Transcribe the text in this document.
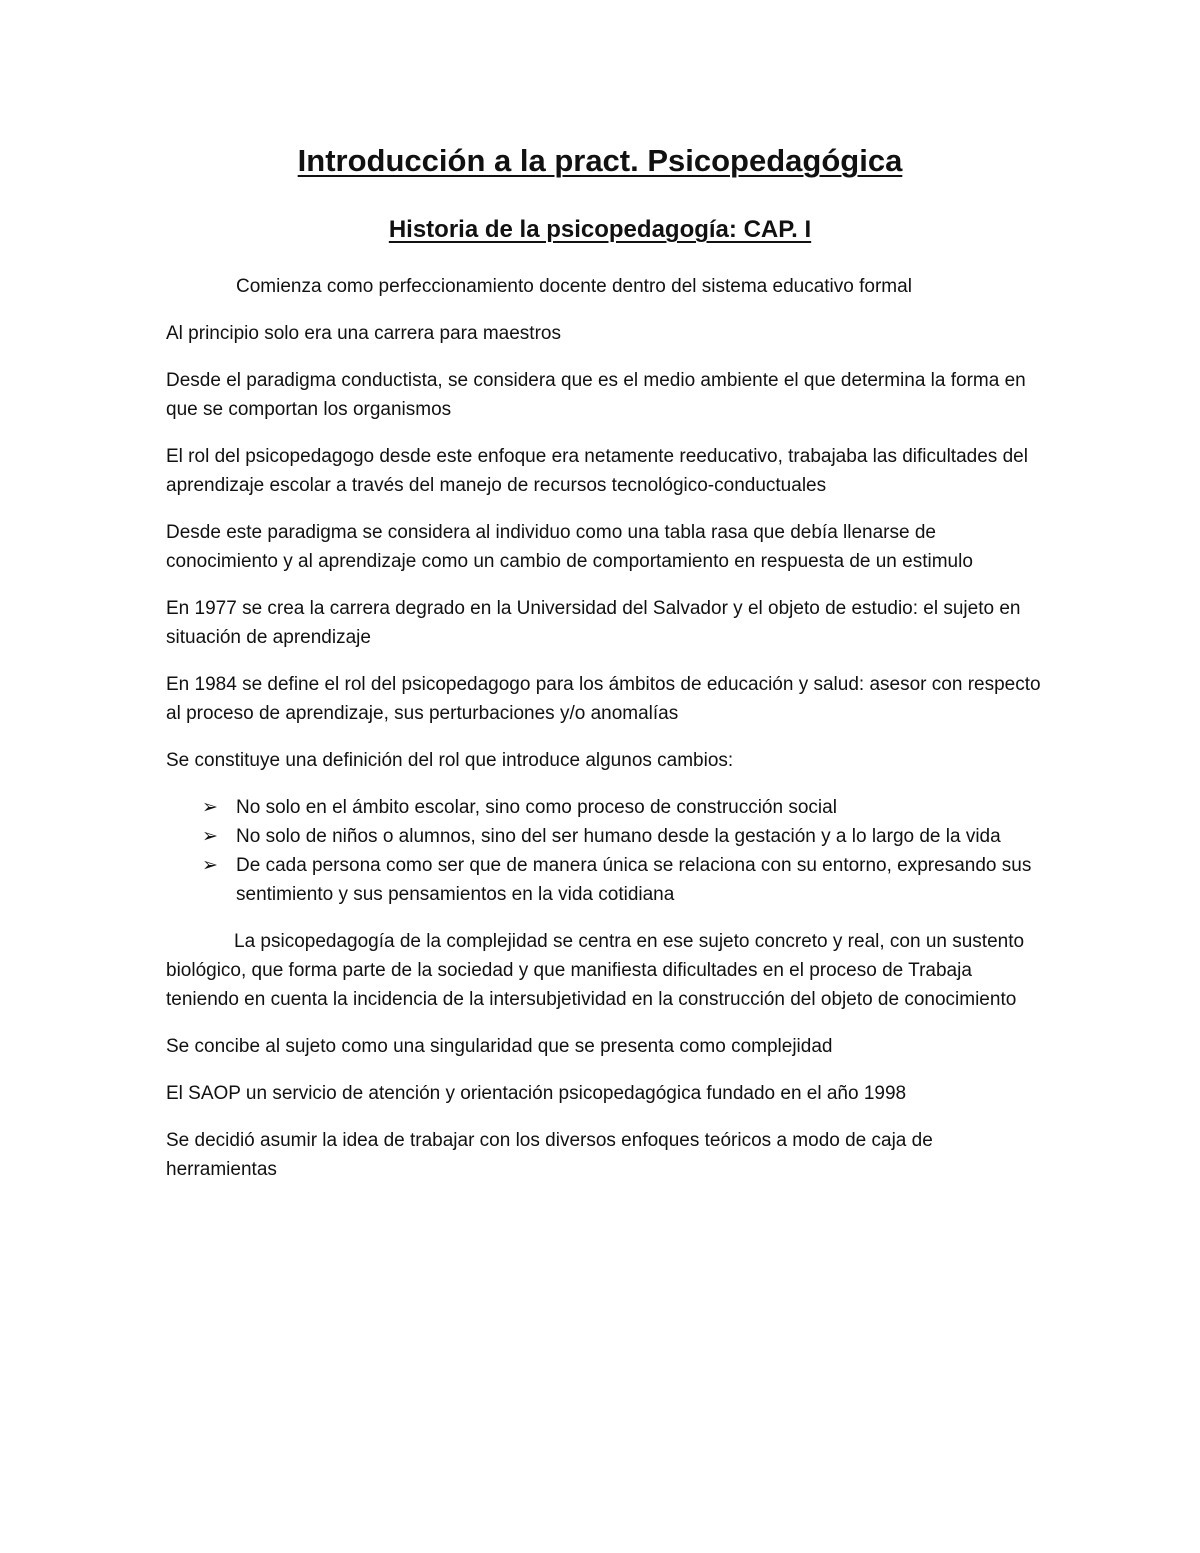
Introducción a la pract. Psicopedagógica
Historia de la psicopedagogía: CAP. I

Comienza como perfeccionamiento docente dentro del sistema educativo formal

Al principio solo era una carrera para maestros

Desde el paradigma conductista, se considera que es el medio ambiente el que determina la forma en que se comportan los organismos

El rol del psicopedagogo desde este enfoque era netamente reeducativo, trabajaba las dificultades del aprendizaje escolar a través del manejo de recursos tecnológico-conductuales

Desde este paradigma se considera al individuo como una tabla rasa que debía llenarse de conocimiento y al aprendizaje como un cambio de comportamiento en respuesta de un estimulo

En 1977 se crea la carrera degrado en la Universidad del Salvador y el objeto de estudio: el sujeto en situación de aprendizaje

En 1984 se define el rol del psicopedagogo para los ámbitos de educación y salud: asesor con respecto al proceso de aprendizaje, sus perturbaciones y/o anomalías

Se constituye una definición del rol que introduce algunos cambios:

➢ No solo en el ámbito escolar, sino como proceso de construcción social
➢ No solo de niños o alumnos, sino del ser humano desde la gestación y a lo largo de la vida
➢ De cada persona como ser que de manera única se relaciona con su entorno, expresando sus sentimiento y sus pensamientos en la vida cotidiana

La psicopedagogía de la complejidad se centra en ese sujeto concreto y real, con un sustento biológico, que forma parte de la sociedad y que manifiesta dificultades en el proceso de Trabaja teniendo en cuenta la incidencia de la intersubjetividad en la construcción del objeto de conocimiento

Se concibe al sujeto como una singularidad que se presenta como complejidad

El SAOP un servicio de atención y orientación psicopedagógica fundado en el año 1998

Se decidió asumir la idea de trabajar con los diversos enfoques teóricos a modo de caja de herramientas
